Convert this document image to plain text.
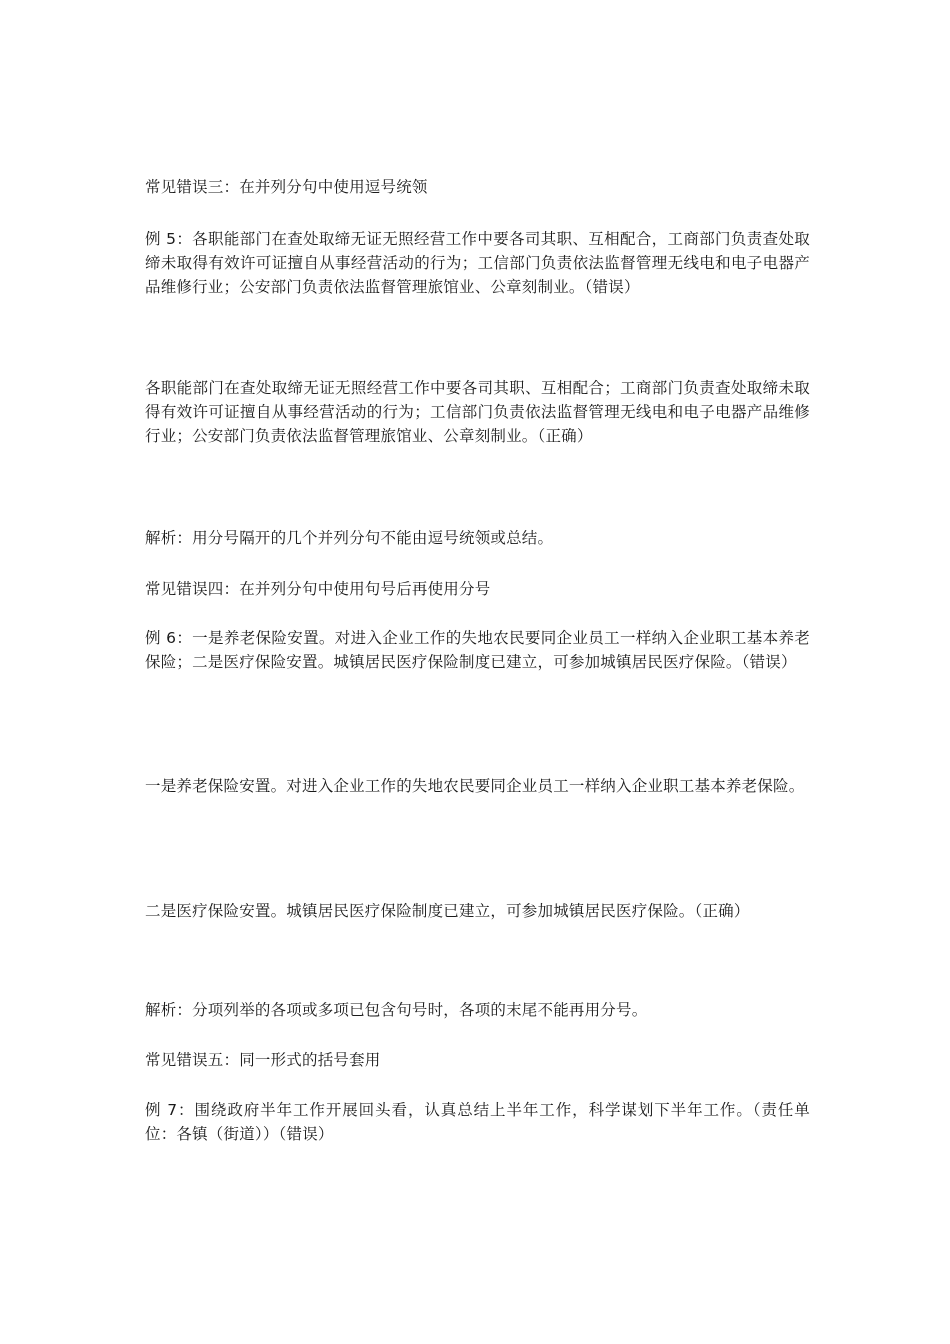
常见错误三：在并列分句中使用逗号统领

例 5：各职能部门在查处取缔无证无照经营工作中要各司其职、互相配合，工商部门负责查处取缔未取得有效许可证擅自从事经营活动的行为；工信部门负责依法监督管理无线电和电子电器产品维修行业；公安部门负责依法监督管理旅馆业、公章刻制业。（错误）

各职能部门在查处取缔无证无照经营工作中要各司其职、互相配合；工商部门负责查处取缔未取得有效许可证擅自从事经营活动的行为；工信部门负责依法监督管理无线电和电子电器产品维修行业；公安部门负责依法监督管理旅馆业、公章刻制业。（正确）

解析：用分号隔开的几个并列分句不能由逗号统领或总结。

常见错误四：在并列分句中使用句号后再使用分号

例 6：一是养老保险安置。对进入企业工作的失地农民要同企业员工一样纳入企业职工基本养老保险；二是医疗保险安置。城镇居民医疗保险制度已建立，可参加城镇居民医疗保险。（错误）

一是养老保险安置。对进入企业工作的失地农民要同企业员工一样纳入企业职工基本养老保险。

二是医疗保险安置。城镇居民医疗保险制度已建立，可参加城镇居民医疗保险。（正确）

解析：分项列举的各项或多项已包含句号时，各项的末尾不能再用分号。

常见错误五：同一形式的括号套用

例 7：围绕政府半年工作开展回头看，认真总结上半年工作，科学谋划下半年工作。（责任单位：各镇（街道））（错误）
